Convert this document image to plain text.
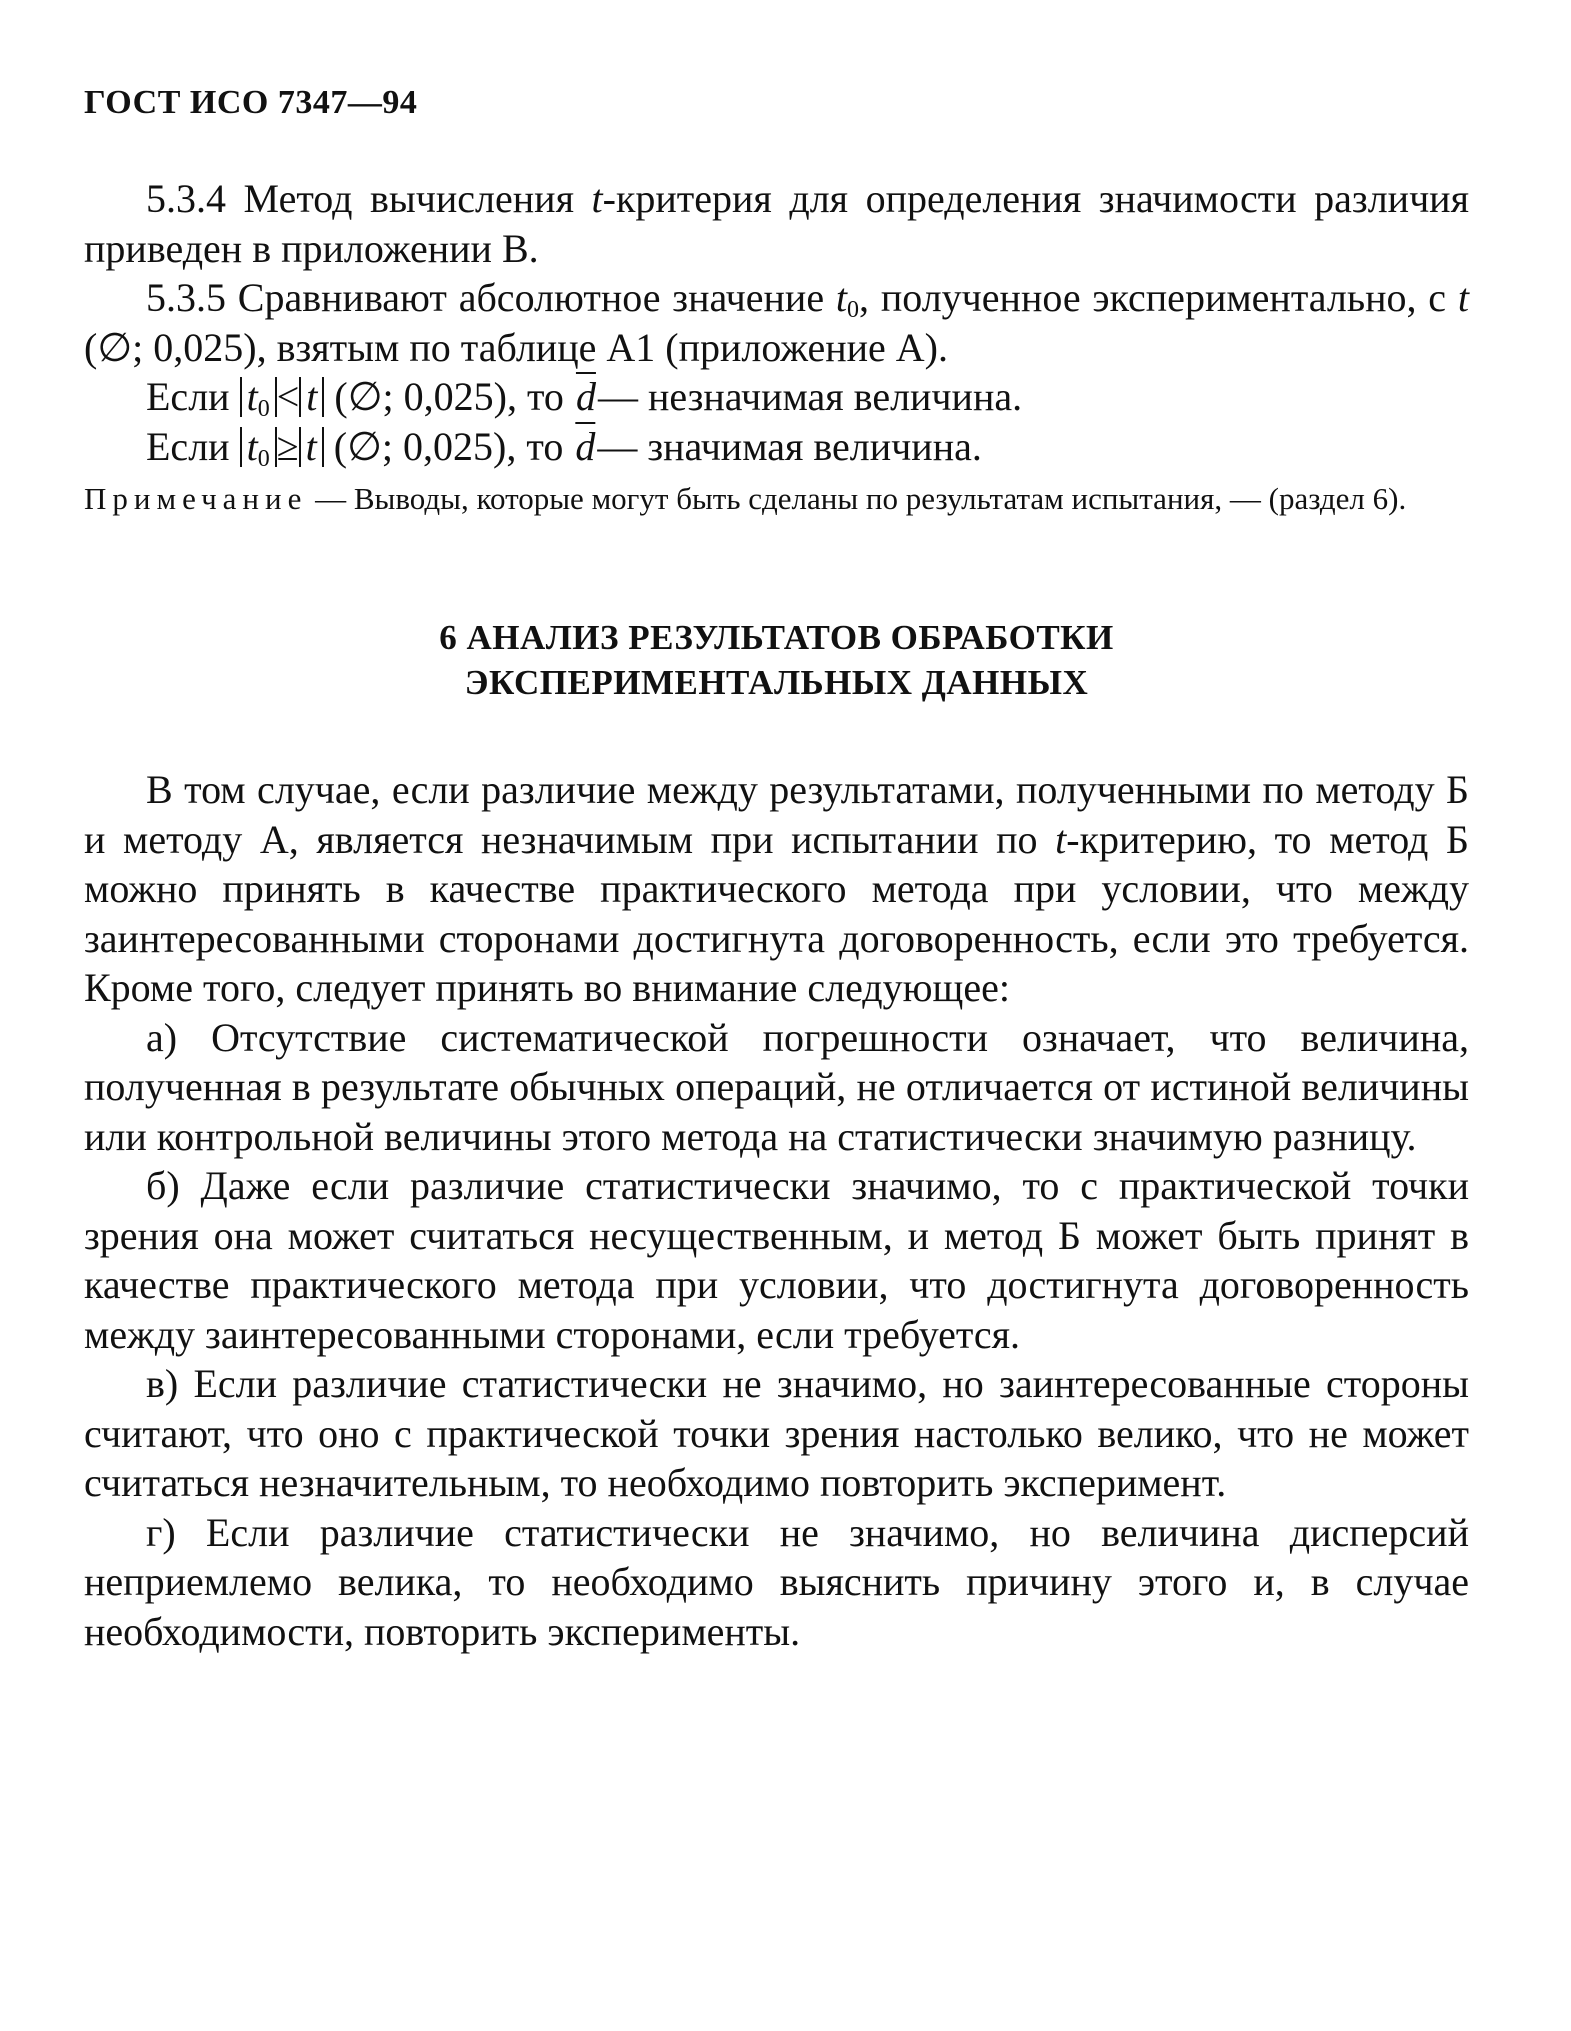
ГОСТ ИСО 7347—94

5.3.4 Метод вычисления t-критерия для определения значимости различия приведен в приложении В.

5.3.5 Сравнивают абсолютное значение $t_0$, полученное экспериментально, с t (∅; 0,025), взятым по таблице А1 (приложение А).

Если $t_0 < t$ (∅; 0,025), то $\overline{d}—$ незначимая величина.

Если $t_0 \ge t$ (∅; 0,025), то $\overline{d}—$ значимая величина.

Примечание — Выводы, которые могут быть сделаны по результатам испытания, — (раздел 6).

6 АНАЛИЗ РЕЗУЛЬТАТОВ ОБРАБОТКИ
ЭКСПЕРИМЕНТАЛЬНЫХ ДАННЫХ

В том случае, если различие между результатами, полученными по методу Б и методу А, является незначимым при испытании по t-критерию, то метод Б можно принять в качестве практического метода при условии, что между заинтересованными сторонами достигнута договоренность, если это требуется. Кроме того, следует принять во внимание следующее:

а) Отсутствие систематической погрешности означает, что величина, полученная в результате обычных операций, не отличается от истиной величины или контрольной величины этого метода на статистически значимую разницу.

б) Даже если различие статистически значимо, то с практической точки зрения она может считаться несущественным, и метод Б может быть принят в качестве практического метода при условии, что достигнута договоренность между заинтересованными сторонами, если требуется.

в) Если различие статистически не значимо, но заинтересованные стороны считают, что оно с практической точки зрения настолько велико, что не может считаться незначительным, то необходимо повторить эксперимент.

г) Если различие статистически не значимо, но величина дисперсий неприемлемо велика, то необходимо выяснить причину этого и, в случае необходимости, повторить эксперименты.
